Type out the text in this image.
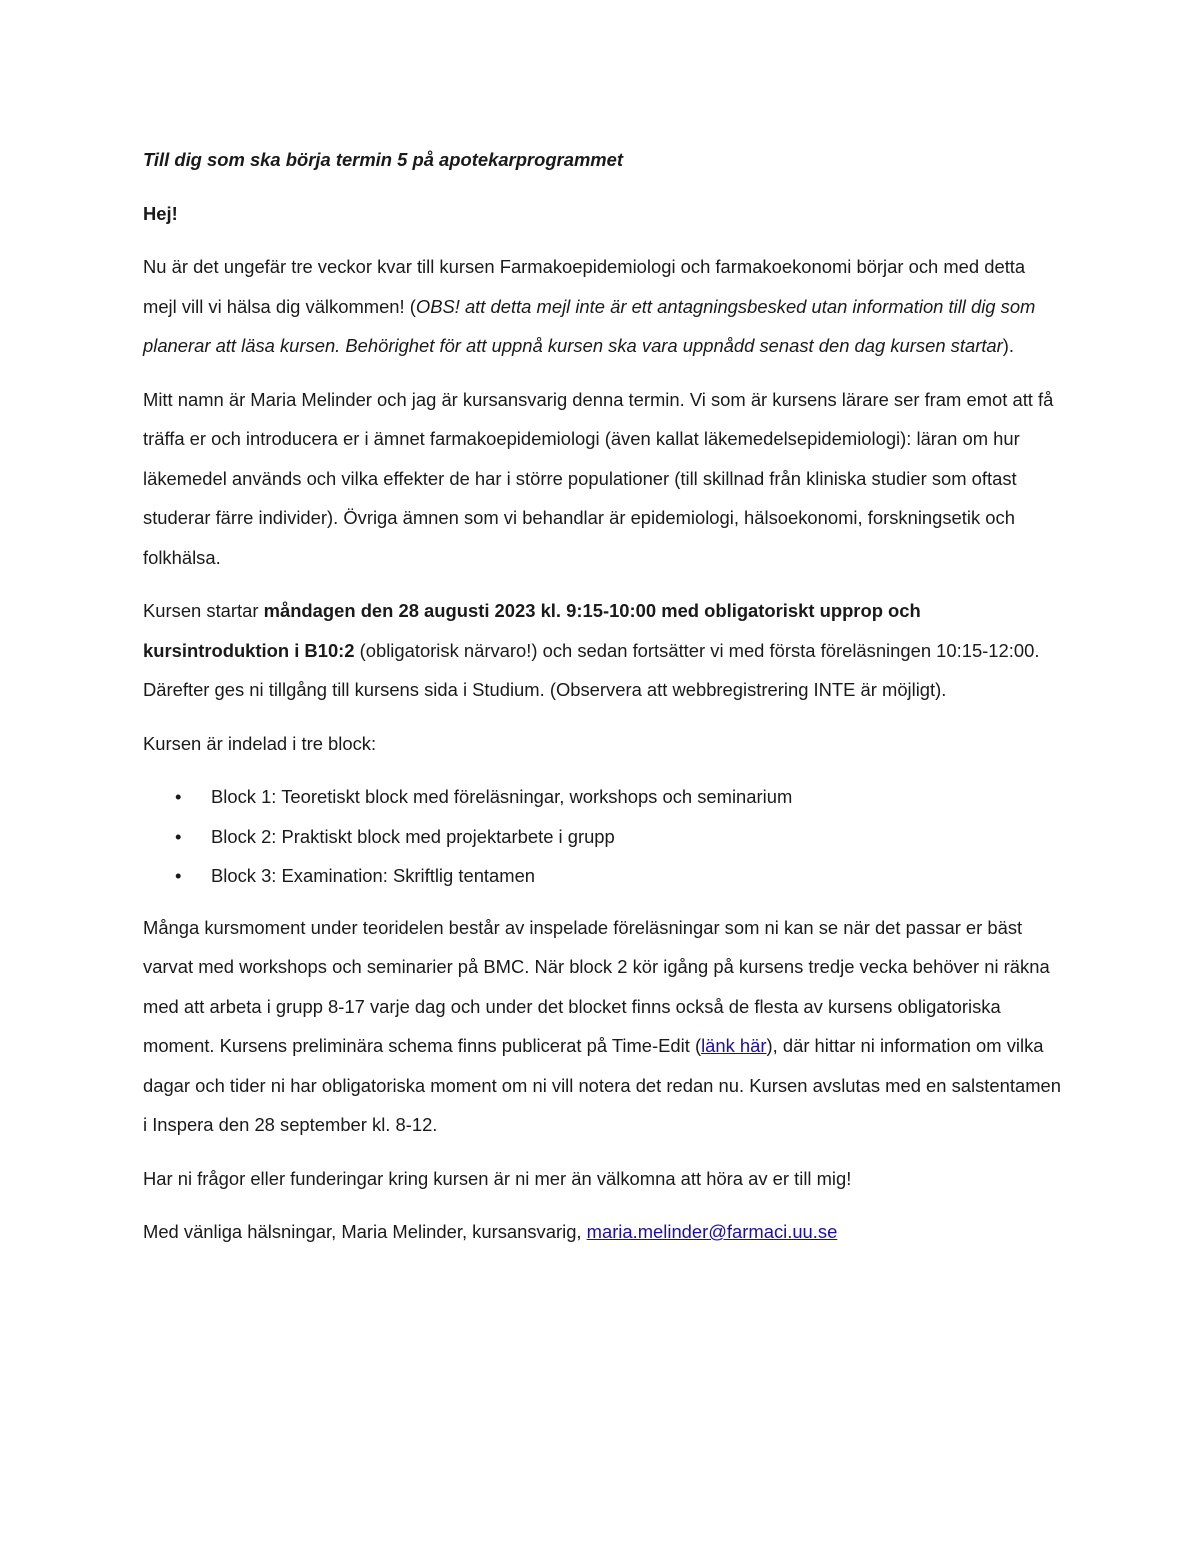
Till dig som ska börja termin 5 på apotekarprogrammet

Hej!

Nu är det ungefär tre veckor kvar till kursen Farmakoepidemiologi och farmakoekonomi börjar och med detta mejl vill vi hälsa dig välkommen! (OBS! att detta mejl inte är ett antagningsbesked utan information till dig som planerar att läsa kursen. Behörighet för att uppnå kursen ska vara uppnådd senast den dag kursen startar).

Mitt namn är Maria Melinder och jag är kursansvarig denna termin. Vi som är kursens lärare ser fram emot att få träffa er och introducera er i ämnet farmakoepidemiologi (även kallat läkemedelsepidemiologi): läran om hur läkemedel används och vilka effekter de har i större populationer (till skillnad från kliniska studier som oftast studerar färre individer). Övriga ämnen som vi behandlar är epidemiologi, hälsoekonomi, forskningsetik och folkhälsa.

Kursen startar måndagen den 28 augusti 2023 kl. 9:15-10:00 med obligatoriskt upprop och kursintroduktion i B10:2 (obligatorisk närvaro!) och sedan fortsätter vi med första föreläsningen 10:15-12:00. Därefter ges ni tillgång till kursens sida i Studium. (Observera att webbregistrering INTE är möjligt).

Kursen är indelad i tre block:

• Block 1: Teoretiskt block med föreläsningar, workshops och seminarium
• Block 2: Praktiskt block med projektarbete i grupp
• Block 3: Examination: Skriftlig tentamen

Många kursmoment under teoridelen består av inspelade föreläsningar som ni kan se när det passar er bäst varvat med workshops och seminarier på BMC. När block 2 kör igång på kursens tredje vecka behöver ni räkna med att arbeta i grupp 8-17 varje dag och under det blocket finns också de flesta av kursens obligatoriska moment. Kursens preliminära schema finns publicerat på Time-Edit (länk här), där hittar ni information om vilka dagar och tider ni har obligatoriska moment om ni vill notera det redan nu. Kursen avslutas med en salstentamen i Inspera den 28 september kl. 8-12.

Har ni frågor eller funderingar kring kursen är ni mer än välkomna att höra av er till mig!

Med vänliga hälsningar, Maria Melinder, kursansvarig, maria.melinder@farmaci.uu.se
